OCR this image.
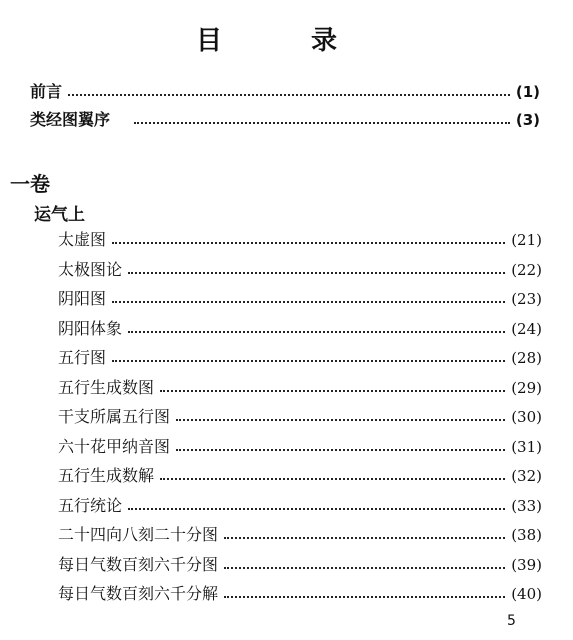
目 录
前言	(1)
类经图翼序	(3)
一卷
运气上
太虚图	(21)
太极图论	(22)
阴阳图	(23)
阴阳体象	(24)
五行图	(28)
五行生成数图	(29)
干支所属五行图	(30)
六十花甲纳音图	(31)
五行生成数解	(32)
五行统论	(33)
二十四向八刻二十分图	(38)
每日气数百刻六千分图	(39)
每日气数百刻六千分解	(40)
5
